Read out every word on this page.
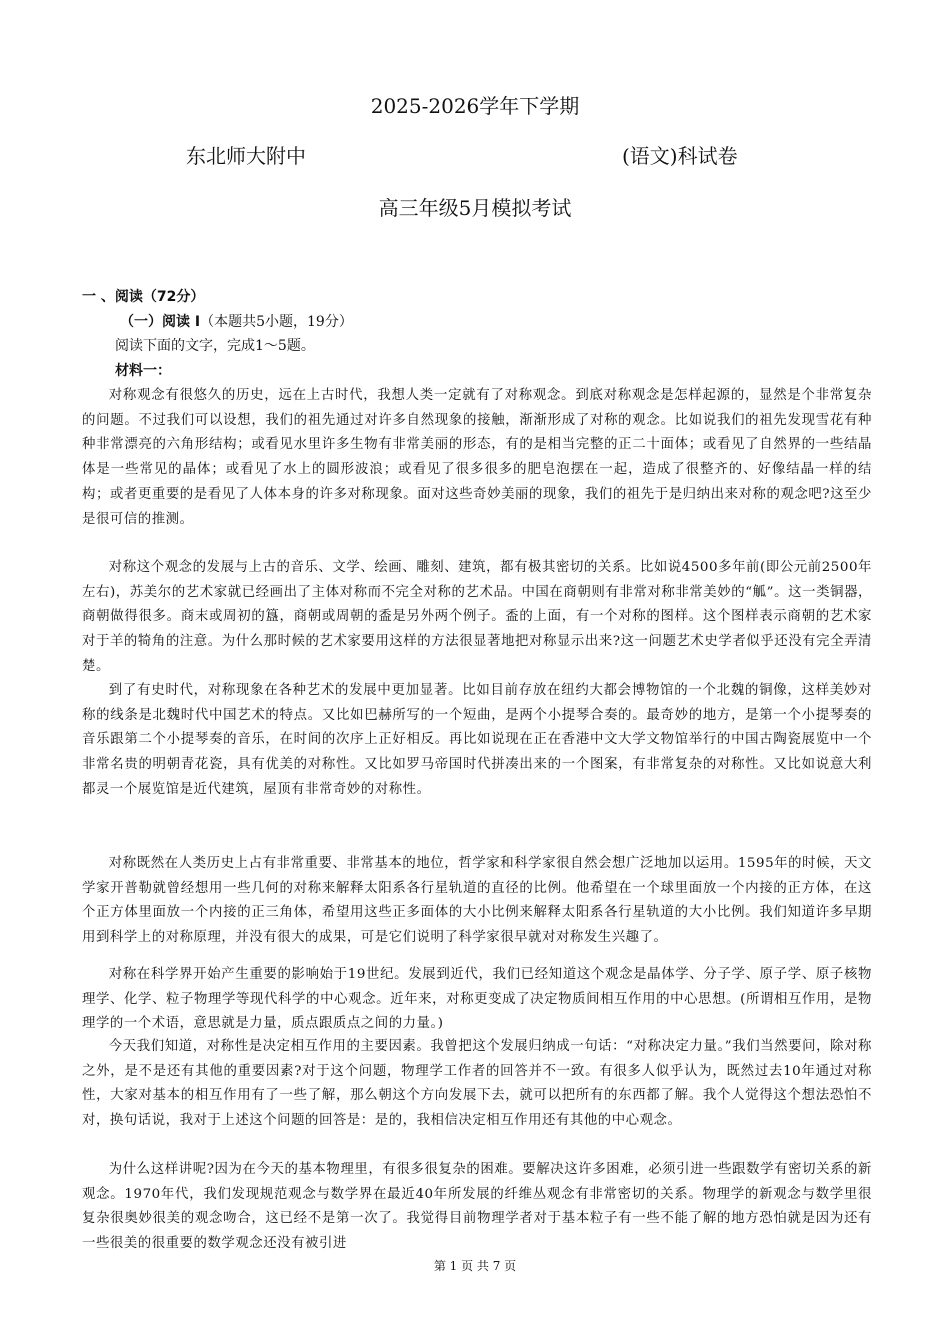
2025-2026学年下学期
东北师大附中	(语文)科试卷
高三年级5月模拟考试
一 、阅读（72分）
（一）阅读 I（本题共5小题，19分）
阅读下面的文字，完成1～5题。
材料一：

对称观念有很悠久的历史，远在上古时代，我想人类一定就有了对称观念。到底对称观念是怎样起源的，显然是个非常复杂的问题。不过我们可以设想，我们的祖先通过对许多自然现象的接触，渐渐形成了对称的观念。比如说我们的祖先发现雪花有种种非常漂亮的六角形结构；或看见水里许多生物有非常美丽的形态，有的是相当完整的正二十面体；或看见了自然界的一些结晶体是一些常见的晶体；或看见了水上的圆形波浪；或看见了很多很多的肥皂泡摆在一起，造成了很整齐的、好像结晶一样的结构；或者更重要的是看见了人体本身的许多对称现象。面对这些奇妙美丽的现象，我们的祖先于是归纳出来对称的观念吧?这至少是很可信的推测。

对称这个观念的发展与上古的音乐、文学、绘画、雕刻、建筑，都有极其密切的关系。比如说4500多年前(即公元前2500年左右)，苏美尔的艺术家就已经画出了主体对称而不完全对称的艺术品。中国在商朝则有非常对称非常美妙的“觚”。这一类铜器，商朝做得很多。商末或周初的簋，商朝或周朝的盉是另外两个例子。盉的上面，有一个对称的图样。这个图样表示商朝的艺术家对于羊的犄角的注意。为什么那时候的艺术家要用这样的方法很显著地把对称显示出来?这一问题艺术史学者似乎还没有完全弄清楚。

到了有史时代，对称现象在各种艺术的发展中更加显著。比如目前存放在纽约大都会博物馆的一个北魏的铜像，这样美妙对称的线条是北魏时代中国艺术的特点。又比如巴赫所写的一个短曲，是两个小提琴合奏的。最奇妙的地方，是第一个小提琴奏的音乐跟第二个小提琴奏的音乐，在时间的次序上正好相反。再比如说现在正在香港中文大学文物馆举行的中国古陶瓷展览中一个非常名贵的明朝青花瓷，具有优美的对称性。又比如罗马帝国时代拼凑出来的一个图案，有非常复杂的对称性。又比如说意大利都灵一个展览馆是近代建筑，屋顶有非常奇妙的对称性。

对称既然在人类历史上占有非常重要、非常基本的地位，哲学家和科学家很自然会想广泛地加以运用。1595年的时候，天文学家开普勒就曾经想用一些几何的对称来解释太阳系各行星轨道的直径的比例。他希望在一个球里面放一个内接的正方体，在这个正方体里面放一个内接的正三角体，希望用这些正多面体的大小比例来解释太阳系各行星轨道的大小比例。我们知道许多早期用到科学上的对称原理，并没有很大的成果，可是它们说明了科学家很早就对对称发生兴趣了。

对称在科学界开始产生重要的影响始于19世纪。发展到近代，我们已经知道这个观念是晶体学、分子学、原子学、原子核物理学、化学、粒子物理学等现代科学的中心观念。近年来，对称更变成了决定物质间相互作用的中心思想。(所谓相互作用，是物理学的一个术语，意思就是力量，质点跟质点之间的力量。)

今天我们知道，对称性是决定相互作用的主要因素。我曾把这个发展归纳成一句话：“对称决定力量。”我们当然要问，除对称之外，是不是还有其他的重要因素?对于这个问题，物理学工作者的回答并不一致。有很多人似乎认为，既然过去10年通过对称性，大家对基本的相互作用有了一些了解，那么朝这个方向发展下去，就可以把所有的东西都了解。我个人觉得这个想法恐怕不对，换句话说，我对于上述这个问题的回答是：是的，我相信决定相互作用还有其他的中心观念。

为什么这样讲呢?因为在今天的基本物理里，有很多很复杂的困难。要解决这许多困难，必须引进一些跟数学有密切关系的新观念。1970年代，我们发现规范观念与数学界在最近40年所发展的纤维丛观念有非常密切的关系。物理学的新观念与数学里很复杂很奥妙很美的观念吻合，这已经不是第一次了。我觉得目前物理学者对于基本粒子有一些不能了解的地方恐怕就是因为还有一些很美的很重要的数学观念还没有被引进

第 1 页 共 7 页
